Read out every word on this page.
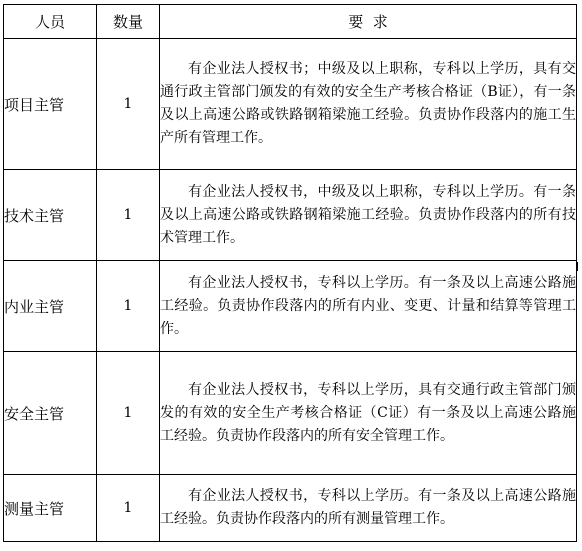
人员	数量	要  求
项目主管	1	有企业法人授权书；中级及以上职称，专科以上学历，具有交通行政主管部门颁发的有效的安全生产考核合格证（B证），有一条及以上高速公路或铁路钢箱梁施工经验。负责协作段落内的施工生产所有管理工作。
技术主管	1	有企业法人授权书，中级及以上职称，专科以上学历。有一条及以上高速公路或铁路钢箱梁施工经验。负责协作段落内的所有技术管理工作。
内业主管	1	有企业法人授权书，专科以上学历。有一条及以上高速公路施工经验。负责协作段落内的所有内业、变更、计量和结算等管理工作。
安全主管	1	有企业法人授权书，专科以上学历，具有交通行政主管部门颁发的有效的安全生产考核合格证（C证）有一条及以上高速公路施工经验。负责协作段落内的所有安全管理工作。
测量主管	1	有企业法人授权书，专科以上学历。有一条及以上高速公路施工经验。负责协作段落内的所有测量管理工作。
